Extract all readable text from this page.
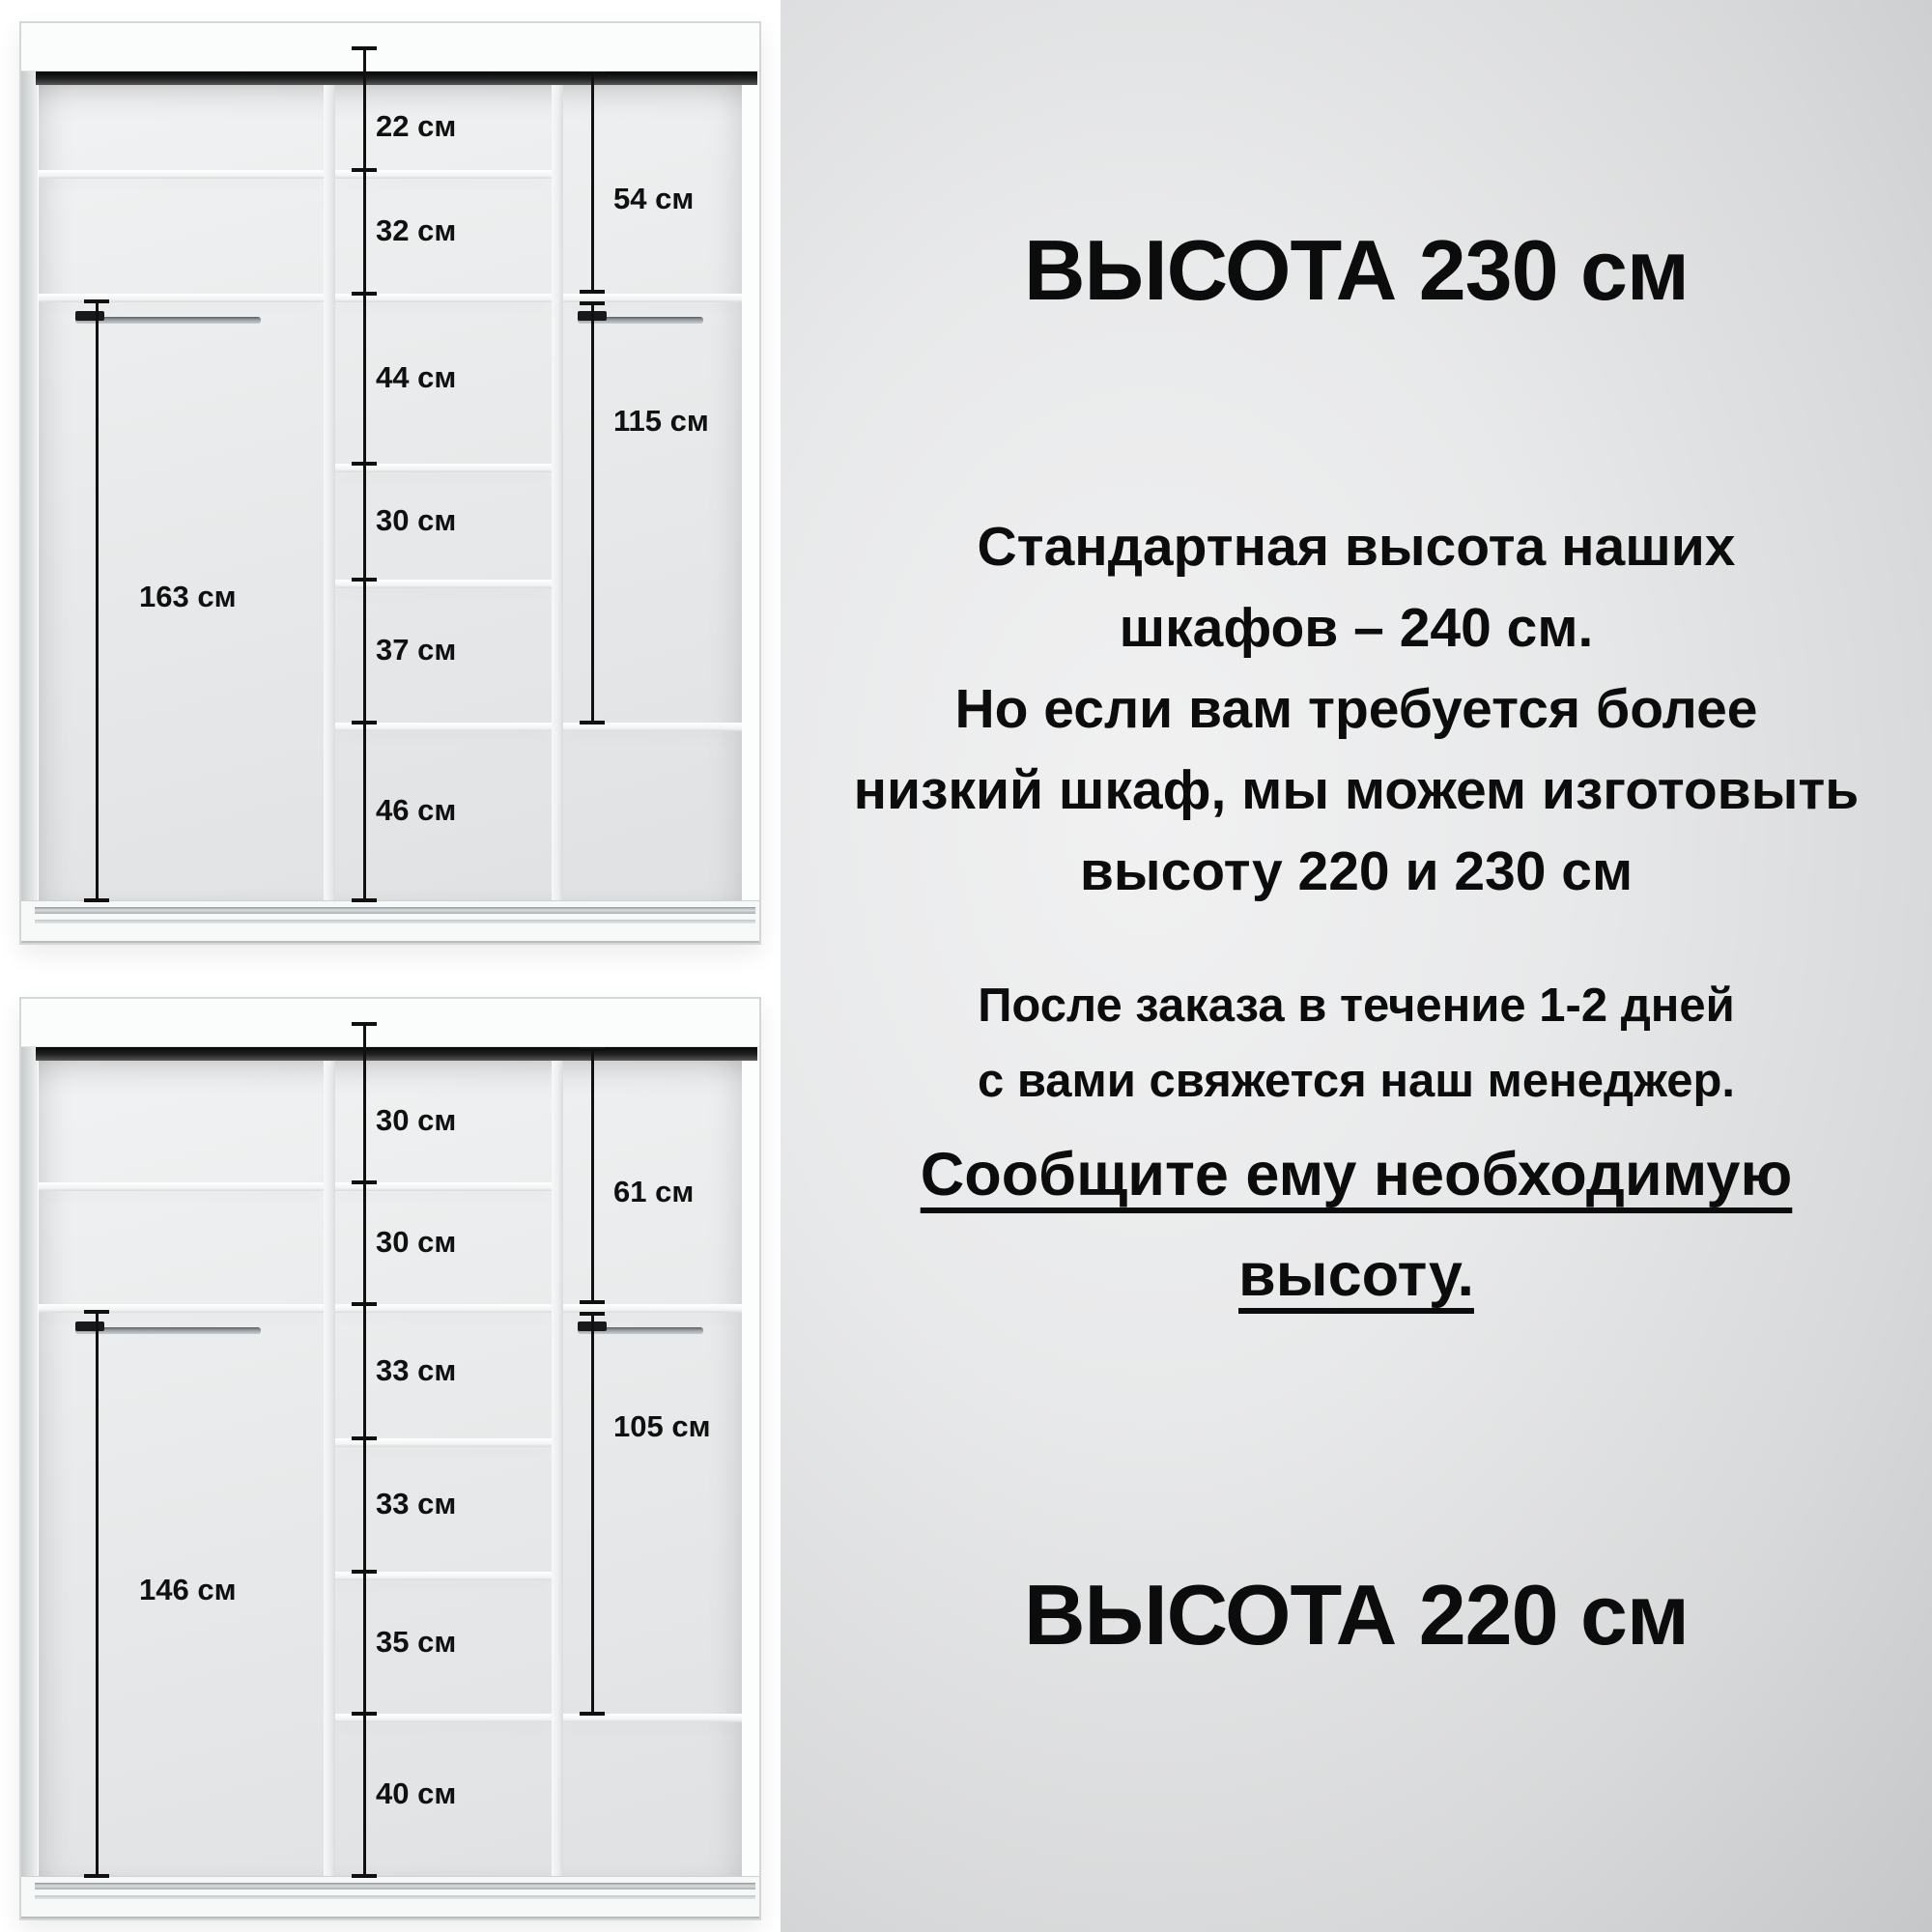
22 см
32 см
44 см
30 см
37 см
46 см
163 см
54 см
115 см
30 см
30 см
33 см
33 см
35 см
40 см
146 см
61 см
105 см
ВЫСОТА 230 см
Стандартная высота наших
шкафов – 240 см.
Но если вам требуется более
низкий шкаф, мы можем изготовыть
высоту 220 и 230 см
После заказа в течение 1-2 дней
с вами свяжется наш менеджер.
Сообщите ему необходимую
высоту.
ВЫСОТА 220 см
